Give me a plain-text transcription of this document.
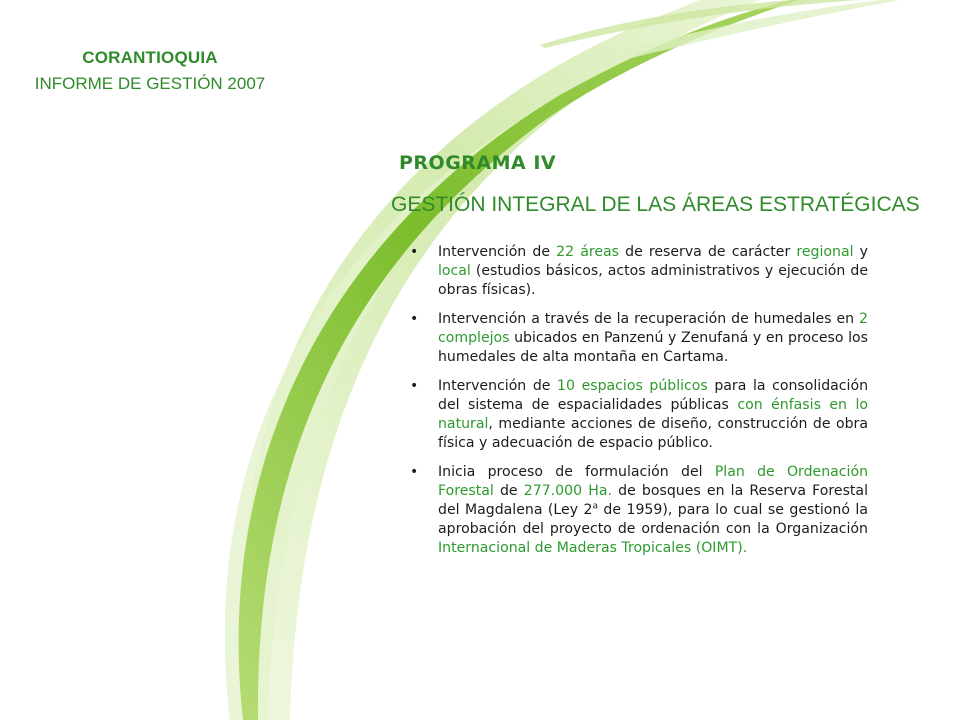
CORANTIOQUIA
INFORME DE GESTIÓN 2007
PROGRAMA IV
GESTIÓN INTEGRAL DE LAS ÁREAS ESTRATÉGICAS
• Intervención de 22 áreas de reserva de carácter regional y local (estudios básicos, actos administrativos y ejecución de obras físicas).
• Intervención a través de la recuperación de humedales en 2 complejos ubicados en Panzenú y Zenufaná y en proceso los humedales de alta montaña en Cartama.
• Intervención de 10 espacios públicos para la consolidación del sistema de espacialidades públicas con énfasis en lo natural, mediante acciones de diseño, construcción de obra física y adecuación de espacio público.
• Inicia proceso de formulación del Plan de Ordenación Forestal de 277.000 Ha. de bosques en la Reserva Forestal del Magdalena (Ley 2$^a$ de 1959), para lo cual se gestionó la aprobación del proyecto de ordenación con la Organización Internacional de Maderas Tropicales (OIMT).
